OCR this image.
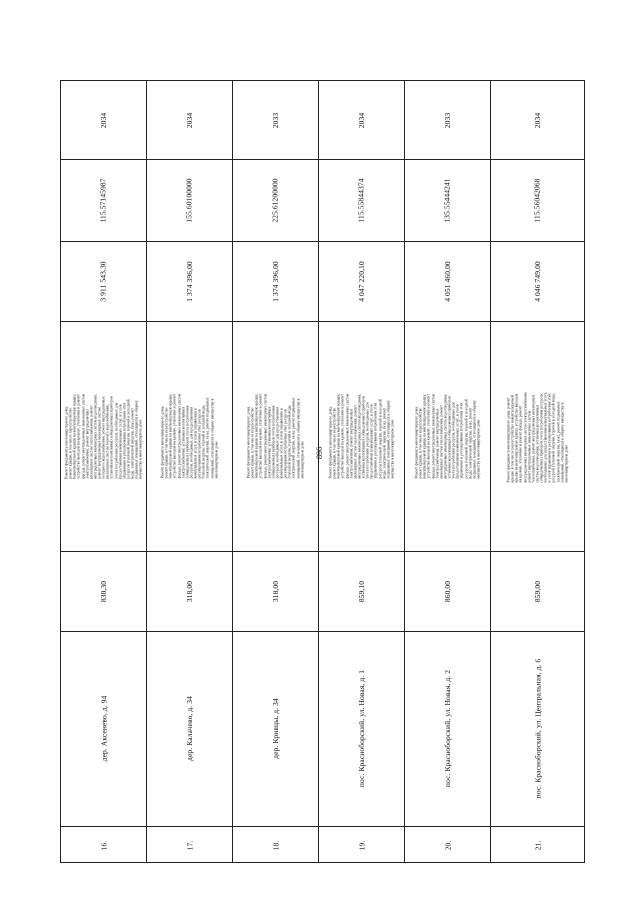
896
2034
115.57145987
3 911 543,30
Ремонт фундамента многоквартирного дома, ремонт крыши, в том числе переустройство невентилируемой крыши на вентилируемую крышу, устройство выходов на кровлю, утепление и ремонт фасада, ремонт внутридомовых инженерных систем электроснабжения, ремонт внутридомовых инженерных систем теплоснабжения, ремонт внутридомовых инженерных систем водоотведения, ремонт внутридомовых инженерных систем холодного водоснабжения, ремонт внутридомовых инженерных систем горячего водоснабжения, установка коллективных (общедомовых) приборов учета потребления ресурсов, необходимых для предоставления коммунальных услуг, и узлов управления и регулирования потребления этих ресурсов (тепловой энергии, горячей и холодной воды, электрической энергии, газа), ремонт подвальных помещений, относящихся к общему имуществу в многоквартирном доме
830,30
дер. Аксенево, д. 94
16.
2034
155.60100000
1 374 396,00
Ремонт фундамента многоквартирного дома, ремонт крыши, в том числе переустройство невентилируемой крыши на вентилируемую крышу, устройство выходов на кровлю, утепление и ремонт фасада, ремонт внутридомовых инженерных систем электроснабжения, установка коллективных (общедомовых) приборов учета потребления ресурсов, необходимых для предоставления коммунальных услуг, и узлов управления и регулирования потребления этих ресурсов (тепловой энергии, горячей и холодной воды, электрической энергии, газа), ремонт подвальных помещений, относящихся к общему имуществу в многоквартирном доме
318,00
дер. Калачево, д. 34
17.
2033
225.61200000
1 374 396,00
Ремонт фундамента многоквартирного дома, ремонт крыши, в том числе переустройство невентилируемой крыши на вентилируемую крышу, устройство выходов на кровлю, утепление и ремонт фасада, ремонт внутридомовых инженерных систем электроснабжения, установка коллективных (общедомовых) приборов учета потребления ресурсов, необходимых для предоставления коммунальных услуг, и узлов управления и регулирования потребления этих ресурсов (тепловой энергии, горячей и холодной воды, электрической энергии, газа), ремонт подвальных помещений, относящихся к общему имуществу в многоквартирном доме
318,00
дер. Кривцы, д. 34
18.
2034
115.55844374
4 047 220,10
Ремонт фундамента многоквартирного дома, ремонт крыши, в том числе переустройство невентилируемой крыши на вентилируемую крышу, устройство выходов на кровлю, утепление и ремонт фасада, ремонт внутридомовых инженерных систем электроснабжения, ремонт внутридомовых инженерных систем теплоснабжения, ремонт внутридомовых инженерных систем водоотведения, установка коллективных (общедомовых) приборов учета потребления ресурсов, необходимых для предоставления коммунальных услуг, и узлов управления и регулирования потребления этих ресурсов (тепловой энергии, горячей и холодной воды, электрической энергии, газа), ремонт подвальных помещений, относящихся к общему имуществу в многоквартирном доме
859,10
пос. Красноборский, ул. Новая, д. 1
19.
2033
135.55444241
4 051 460,00
Ремонт фундамента многоквартирного дома, ремонт крыши, в том числе переустройство невентилируемой крыши на вентилируемую крышу, устройство выходов на кровлю, утепление и ремонт фасада, ремонт внутридомовых инженерных систем электроснабжения, ремонт внутридомовых инженерных систем теплоснабжения, ремонт внутридомовых инженерных систем водоотведения, установка коллективных (общедомовых) приборов учета потребления ресурсов, необходимых для предоставления коммунальных услуг, и узлов управления и регулирования потребления этих ресурсов (тепловой энергии, горячей и холодной воды, электрической энергии, газа), ремонт подвальных помещений, относящихся к общему имуществу в многоквартирном доме
860,00
пос. Красноборский, ул. Новая, д. 2
20.
2034
115.56042068
4 046 749,00
Ремонт фундамента многоквартирного дома, ремонт крыши, в том числе переустройство невентилируемой крыши на вентилируемую крышу, устройство выходов на кровлю, утепление и ремонт фасада, ремонт внутридомовых инженерных систем электроснабжения, ремонт внутридомовых инженерных систем теплоснабжения, ремонт внутридомовых инженерных систем водоотведения, установка коллективных (общедомовых) приборов учета потребления ресурсов, необходимых для предоставления коммунальных услуг, и узлов управления и регулирования потребления этих ресурсов (тепловой энергии, горячей и холодной воды, электрической энергии, газа), ремонт подвальных помещений, относящихся к общему имуществу в многоквартирном доме
859,00
пос. Красноборский, ул. Центральная, д. 6
21.
